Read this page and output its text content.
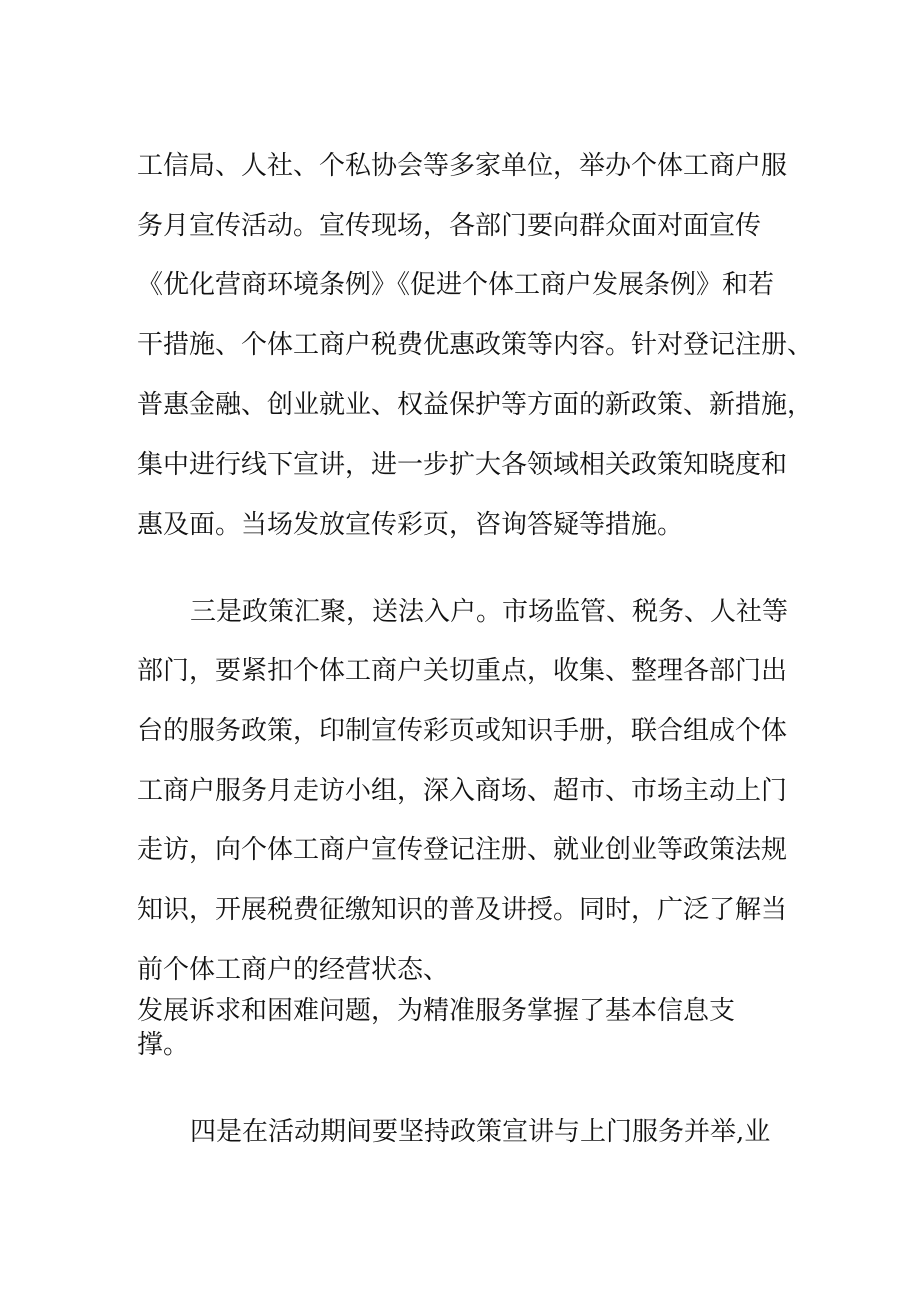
工信局、人社、个私协会等多家单位，举办个体工商户服
务月宣传活动。宣传现场，各部门要向群众面对面宣传
《优化营商环境条例》《促进个体工商户发展条例》和若
干措施、个体工商户税费优惠政策等内容。针对登记注册、
普惠金融、创业就业、权益保护等方面的新政策、新措施，
集中进行线下宣讲，进一步扩大各领域相关政策知晓度和
惠及面。当场发放宣传彩页，咨询答疑等措施。
三是政策汇聚，送法入户。市场监管、税务、人社等
部门，要紧扣个体工商户关切重点，收集、整理各部门出
台的服务政策，印制宣传彩页或知识手册，联合组成个体
工商户服务月走访小组，深入商场、超市、市场主动上门
走访，向个体工商户宣传登记注册、就业创业等政策法规
知识，开展税费征缴知识的普及讲授。同时，广泛了解当
前个体工商户的经营状态、
发展诉求和困难问题，为精准服务掌握了基本信息支
撑。
四是在活动期间要坚持政策宣讲与上门服务并举,业
